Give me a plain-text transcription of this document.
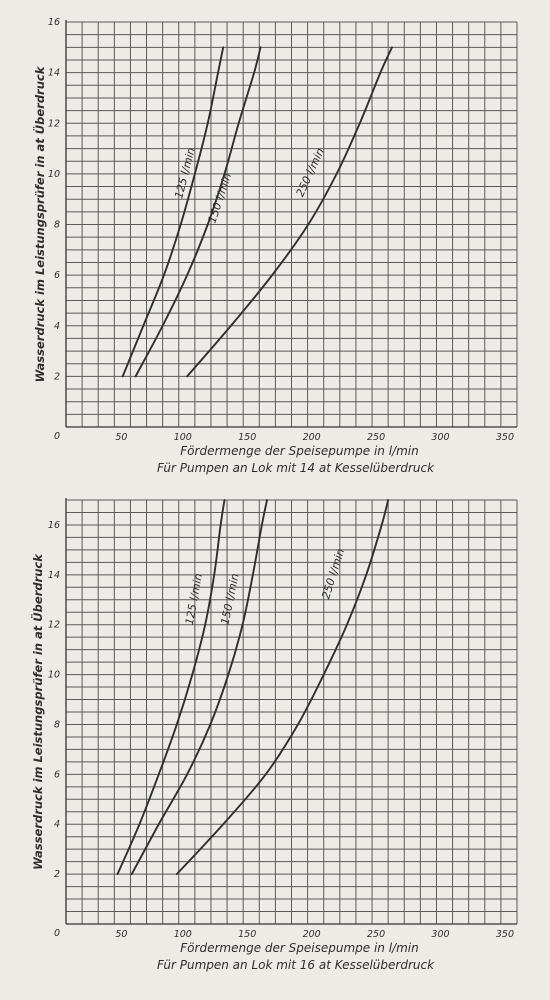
0	50	100	150	200	250	300	350
2
4
6
8
10
12
14
16
Wasserdruck im Leistungsprüfer in at Überdruck
Fördermenge der Speisepumpe in l/min
Für Pumpen an Lok mit 14 at Kesselüberdruck
125 l/min 150 l/min	250 l/min
0	50	100	150	200	250	300	350
2
4
6
8
10
12
14
16
Wasserdruck im Leistungsprüfer in at Überdruck
Fördermenge der Speisepumpe in l/min
Für Pumpen an Lok mit 16 at Kesselüberdruck
125 l/min 150 l/min	250 l/min
